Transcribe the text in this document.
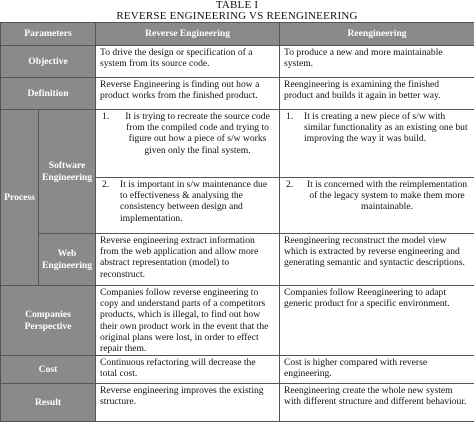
TABLE I
REVERSE ENGINEERING VS REENGINEERING
Parameters		Reverse Engineering	Reengineering
Objective		To drive the design or specification of a system from its source code.	To produce a new and more maintainable system.
Definition		Reverse Engineering is finding out how a product works from the finished product.	Reengineering is examining the finished product and builds it again in better way.
Process	Software Engineering	1. It is trying to recreate the source code from the compiled code and trying to figure out how a piece of s/w works given only the final system.	1. It is creating a new piece of s/w with similar functionality as an existing one but improving the way it was build.

		2. It is important in s/w maintenance due to effectiveness & analysing the consistency between design and implementation.	2. It is concerned with the reimplementation of the legacy system to make them more maintainable.

	Web Engineering	Reverse engineering extract information from the web application and allow more abstract representation (model) to reconstruct.	Reengineering reconstruct the model view which is extracted by reverse engineering and generating semantic and syntactic descriptions.
Companies Perspective		Companies follow reverse engineering to copy and understand parts of a competitors products, which is illegal, to find out how their own product work in the event that the original plans were lost, in order to effect repair them.	Companies follow Reengineering to adapt generic product for a specific environment.
Cost		Continuous refactoring will decrease the total cost.	Cost is higher compared with reverse engineering.
Result		Reverse engineering improves the existing structure.	Reengineering create the whole new system with different structure and different behaviour.
